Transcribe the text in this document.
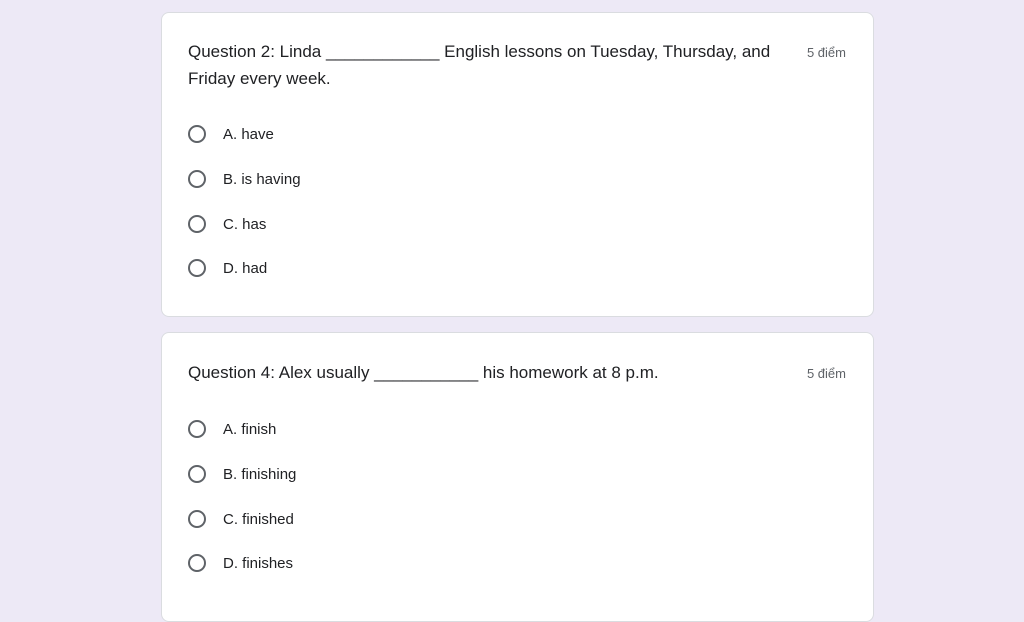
Question 2: Linda ____________ English lessons on Tuesday, Thursday, and Friday every week.
5 điểm
A. have
B. is having
C. has
D. had
Question 4: Alex usually ___________ his homework at 8 p.m.	5 điểm
A. finish
B. finishing
C. finished
D. finishes
